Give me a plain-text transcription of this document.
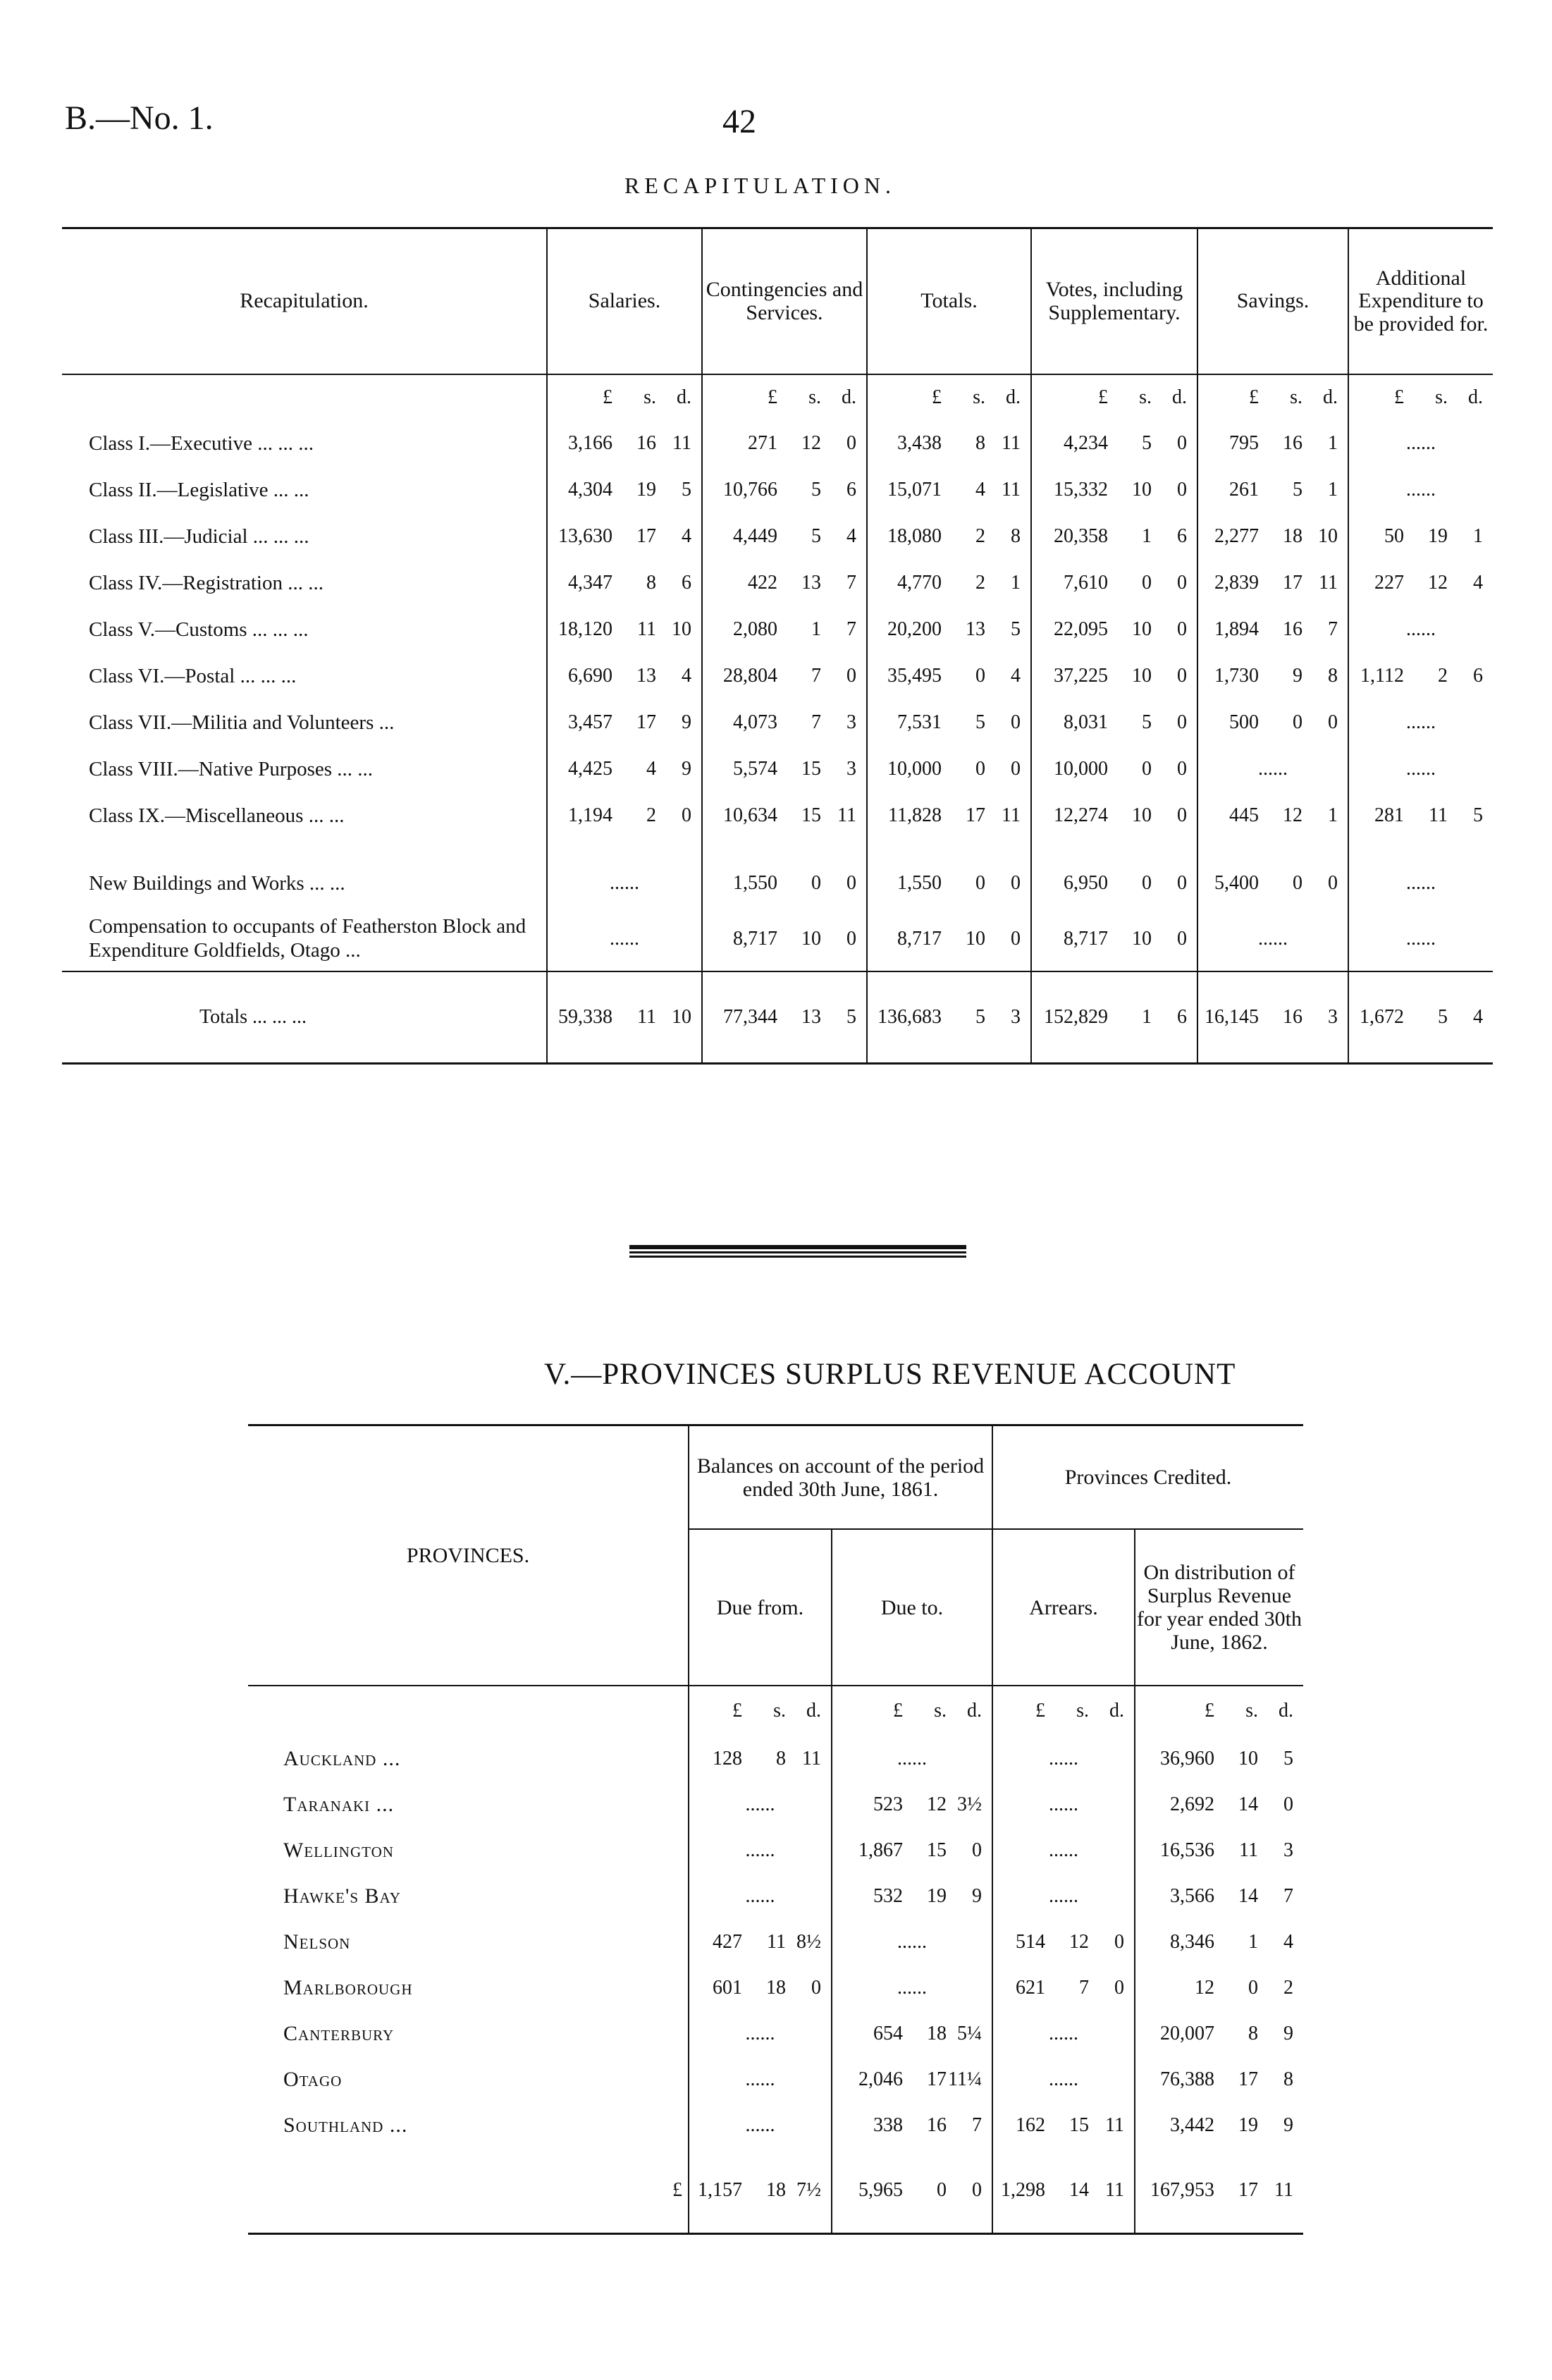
B.—No. 1.	42
RECAPITULATION.
Recapitulation.	Salaries.	Contingencies and Services.	Totals.	Votes, including Supplementary.	Savings.	Additional Expenditure to be provided for.

	£ s. d.	£ s. d.	£ s. d.	£ s. d.	£ s. d.	£ s. d.

Class I.—Executive ... ... ...	3,166 16 11	271 12 0	3,438 8 11	4,234 5 0	795 16 1	......

Class II.—Legislative ... ...	4,304 19 5	10,766 5 6	15,071 4 11	15,332 10 0	261 5 1	......

Class III.—Judicial ... ... ...	13,630 17 4	4,449 5 4	18,080 2 8	20,358 1 6	2,277 18 10	50 19 1

Class IV.—Registration ... ...	4,347 8 6	422 13 7	4,770 2 1	7,610 0 0	2,839 17 11	227 12 4

Class V.—Customs ... ... ...	18,120 11 10	2,080 1 7	20,200 13 5	22,095 10 0	1,894 16 7	......

Class VI.—Postal ... ... ...	6,690 13 4	28,804 7 0	35,495 0 4	37,225 10 0	1,730 9 8	1,112 2 6

Class VII.—Militia and Volunteers ...	3,457 17 9	4,073 7 3	7,531 5 0	8,031 5 0	500 0 0	......

Class VIII.—Native Purposes ... ...	4,425 4 9	5,574 15 3	10,000 0 0	10,000 0 0	......	......

Class IX.—Miscellaneous ... ...	1,194 2 0	10,634 15 11	11,828 17 11	12,274 10 0	445 12 1	281 11 5

New Buildings and Works ... ...	......	1,550 0 0	1,550 0 0	6,950 0 0	5,400 0 0	......

Compensation to occupants of Featherston Block and Expenditure Goldfields, Otago ...	......	8,717 10 0	8,717 10 0	8,717 10 0	......	......

Totals ... ... ...	59,338 11 10	77,344 13 5	136,683 5 3	152,829 1 6	16,145 16 3	1,672 5 4
V.—PROVINCES SURPLUS REVENUE ACCOUNT
PROVINCES.	Balances on account of the period ended 30th June, 1861.		Provinces Credited.	
	Due from.	Due to.	Arrears.	On distribution of Surplus Revenue for year ended 30th June, 1862.

	£ s. d.	£ s. d.	£ s. d.	£ s. d.

Auckland ...	128 8 11	......	......	36,960 10 5

Taranaki ...	......	523 12 3½	......	2,692 14 0

Wellington	......	1,867 15 0	......	16,536 11 3

Hawke's Bay	......	532 19 9	......	3,566 14 7

Nelson	427 11 8½	......	514 12 0	8,346 1 4

Marlborough	601 18 0	......	621 7 0	12 0 2

Canterbury	......	654 18 5¼	......	20,007 8 9

Otago	......	2,046 17 11¼	......	76,388 17 8

Southland ...	......	338 16 7	162 15 11	3,442 19 9

£	1,157 18 7½	5,965 0 0	1,298 14 11	167,953 17 11
